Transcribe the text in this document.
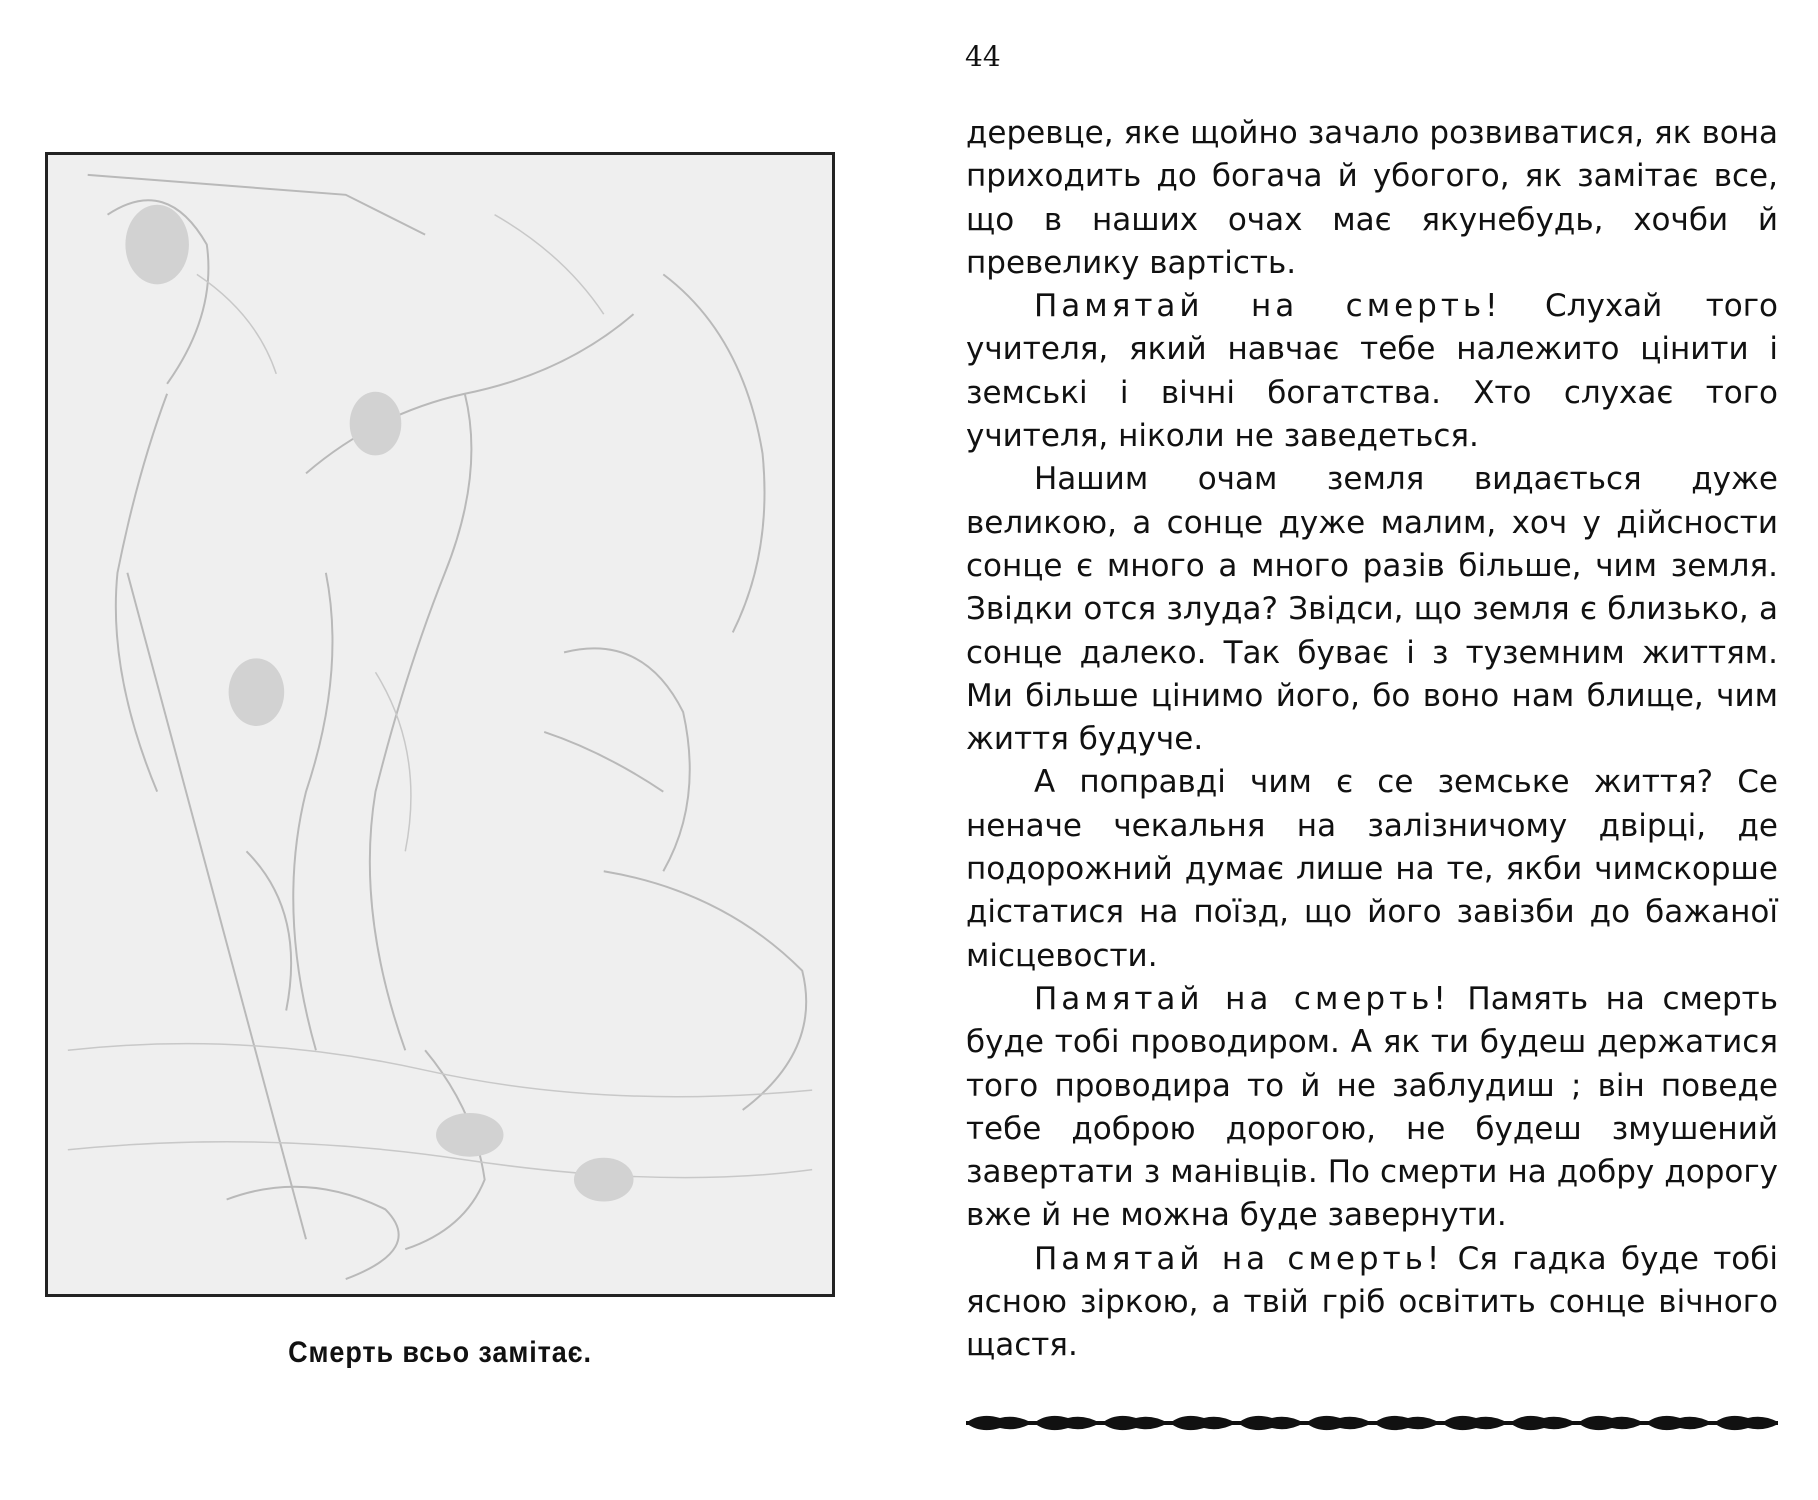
Смерть всьо замітає.
44

деревце, яке щойно зачало розвиватися, як вона приходить до богача й убогого, як замітає все, що в наших очах має якунебудь, хочби й превелику вартість.

Памятай на смерть! Слухай того учителя, який навчає тебе належито цінити і земські і вічні богатства. Хто слухає того учителя, ніколи не заведеться.

Нашим очам земля видається дуже великою, а сонце дуже малим, хоч у дійсности сонце є много а много разів більше, чим земля. Звідки отся злуда? Звідси, що земля є близько, а сонце далеко. Так буває і з туземним життям. Ми більше цінимо його, бо воно нам блище, чим життя будуче.

А поправді чим є се земське життя? Се неначе чекальня на залізничому двірці, де подорожний думає лише на те, якби чимскорше дістатися на поїзд, що його завізби до бажаної місцевости.

Памятай на смерть! Память на смерть буде тобі проводиром. А як ти будеш держатися того проводира то й не заблудиш ; він поведе тебе доброю дорогою, не будеш змушений завертати з манівців. По смерти на добру дорогу вже й не можна буде завернути.

Памятай на смерть! Ся гадка буде тобі ясною зіркою, а твій гріб освітить сонце вічного щастя.
